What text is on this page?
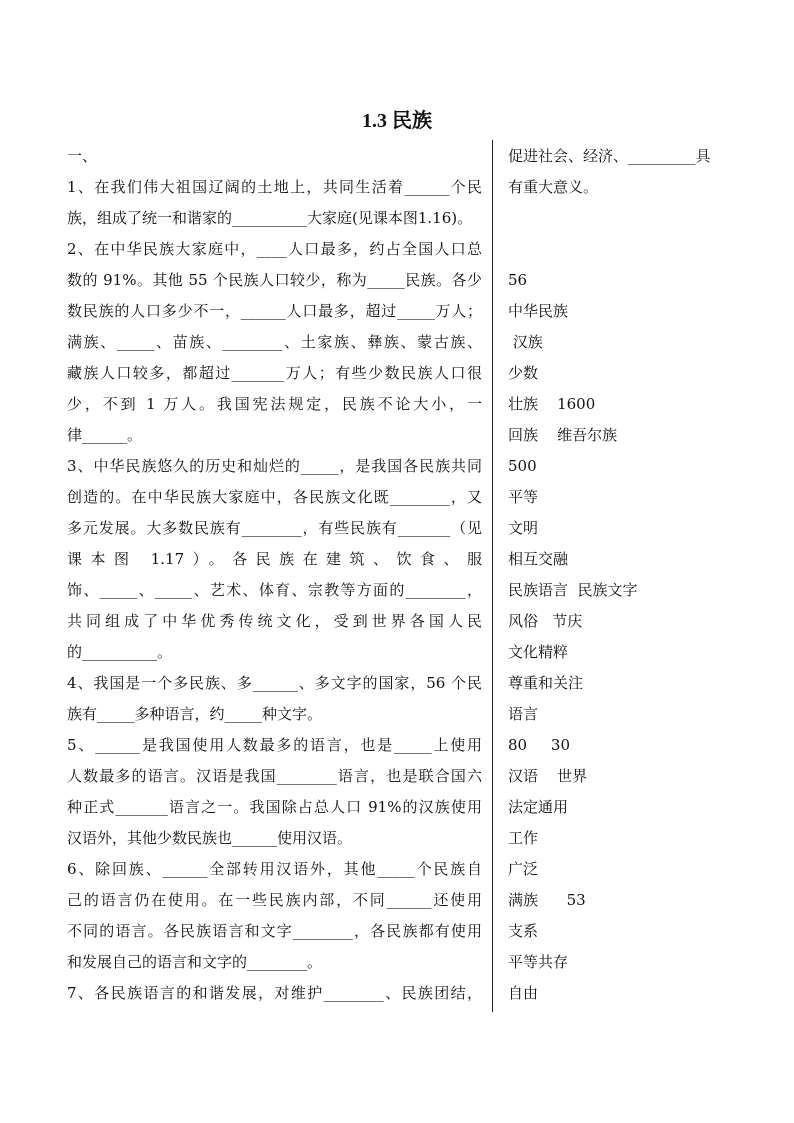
1.3 民族
一、
1、在我们伟大祖国辽阔的土地上，共同生活着______个民
族，组成了统一和谐家的__________大家庭(见课本图1.16)。
2、在中华民族大家庭中，____人口最多，约占全国人口总
数的 91%。其他 55 个民族人口较少，称为_____民族。各少
数民族的人口多少不一，______人口最多，超过_____万人；
满族、_____、苗族、________、土家族、彝族、蒙古族、
藏族人口较多，都超过_______万人；有些少数民族人口很
少，不到 1 万人。我国宪法规定，民族不论大小，一
律______。
3、中华民族悠久的历史和灿烂的_____，是我国各民族共同
创造的。在中华民族大家庭中，各民族文化既________，又
多元发展。大多数民族有________，有些民族有_______（见
课本图 1.17）。各民族在建筑、饮食、服
饰、_____、_____、艺术、体育、宗教等方面的________，
共同组成了中华优秀传统文化，受到世界各国人民
的__________。
4、我国是一个多民族、多______、多文字的国家，56 个民
族有_____多种语言，约_____种文字。
5、______是我国使用人数最多的语言，也是_____上使用
人数最多的语言。汉语是我国________语言，也是联合国六
种正式_______语言之一。我国除占总人口 91%的汉族使用
汉语外，其他少数民族也______使用汉语。
6、除回族、______全部转用汉语外，其他_____个民族自
己的语言仍在使用。在一些民族内部，不同______还使用
不同的语言。各民族语言和文字________，各民族都有使用
和发展自己的语言和文字的________。
7、各民族语言的和谐发展，对维护________、民族团结，
促进社会、经济、_________具
有重大意义。
56
中华民族
汉族
少数
壮族    1600
回族    维吾尔族
500
平等
文明
相互交融
民族语言  民族文字
风俗   节庆
文化精粹
尊重和关注
语言
80     30
汉语    世界
法定通用
工作
广泛
满族      53
支系
平等共存
自由
